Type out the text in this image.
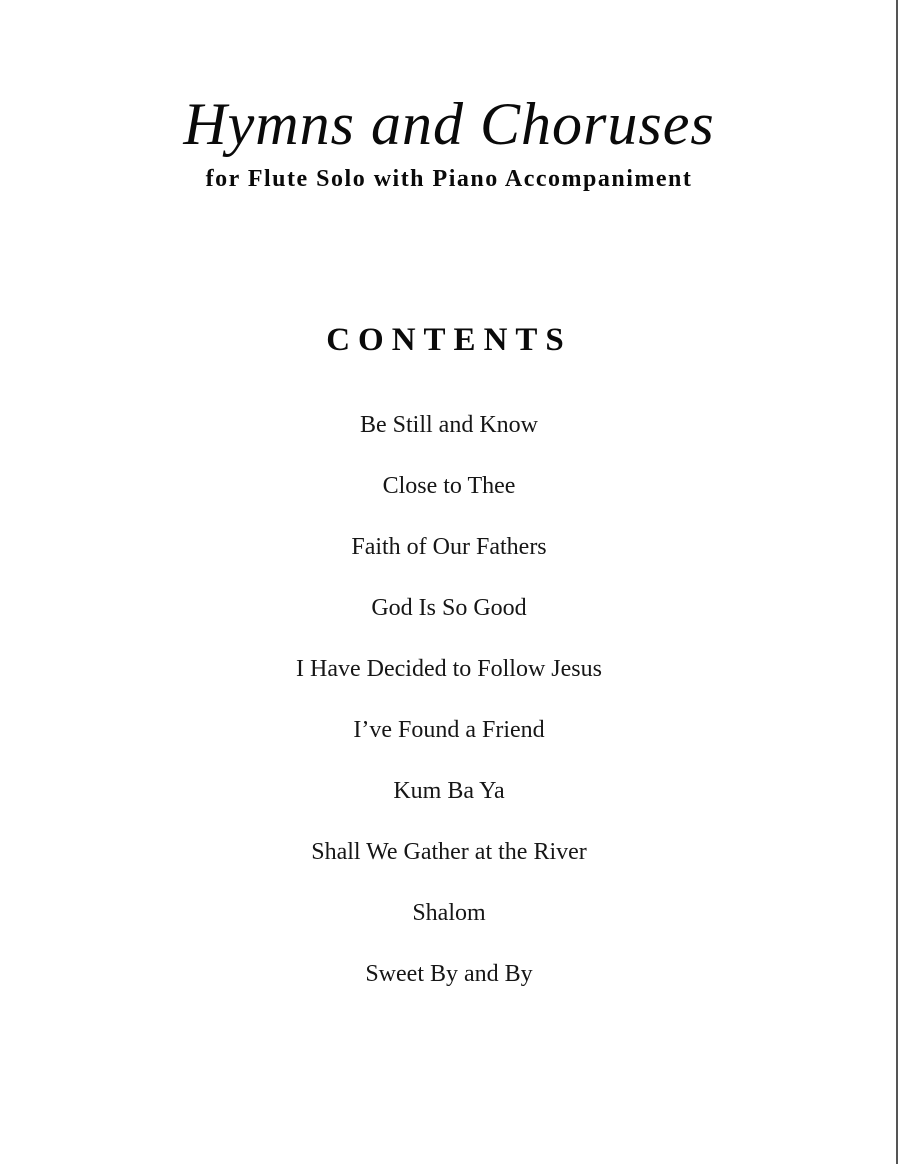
Hymns and Choruses
for Flute Solo with Piano Accompaniment
CONTENTS
Be Still and Know
Close to Thee
Faith of Our Fathers
God Is So Good
I Have Decided to Follow Jesus
I’ve Found a Friend
Kum Ba Ya
Shall We Gather at the River
Shalom
Sweet By and By
